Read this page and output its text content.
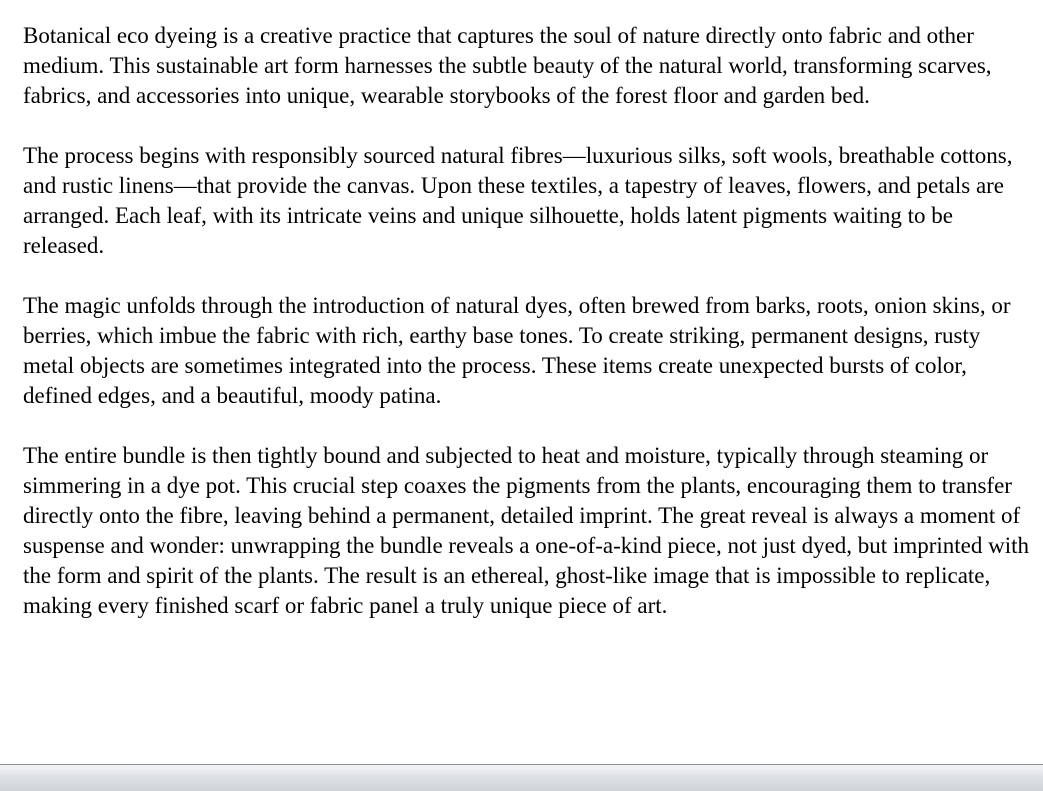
Botanical eco dyeing is a creative practice that captures the soul of nature directly onto fabric and other medium. This sustainable art form harnesses the subtle beauty of the natural world, transforming scarves, fabrics, and accessories into unique, wearable storybooks of the forest floor and garden bed.

The process begins with responsibly sourced natural fibres—luxurious silks, soft wools, breathable cottons, and rustic linens—that provide the canvas. Upon these textiles, a tapestry of leaves, flowers, and petals are arranged. Each leaf, with its intricate veins and unique silhouette, holds latent pigments waiting to be released.

The magic unfolds through the introduction of natural dyes, often brewed from barks, roots, onion skins, or berries, which imbue the fabric with rich, earthy base tones. To create striking, permanent designs, rusty metal objects are sometimes integrated into the process. These items create unexpected bursts of color, defined edges, and a beautiful, moody patina.

The entire bundle is then tightly bound and subjected to heat and moisture, typically through steaming or simmering in a dye pot. This crucial step coaxes the pigments from the plants, encouraging them to transfer directly onto the fibre, leaving behind a permanent, detailed imprint. The great reveal is always a moment of suspense and wonder: unwrapping the bundle reveals a one-of-a-kind piece, not just dyed, but imprinted with the form and spirit of the plants. The result is an ethereal, ghost-like image that is impossible to replicate, making every finished scarf or fabric panel a truly unique piece of art.
